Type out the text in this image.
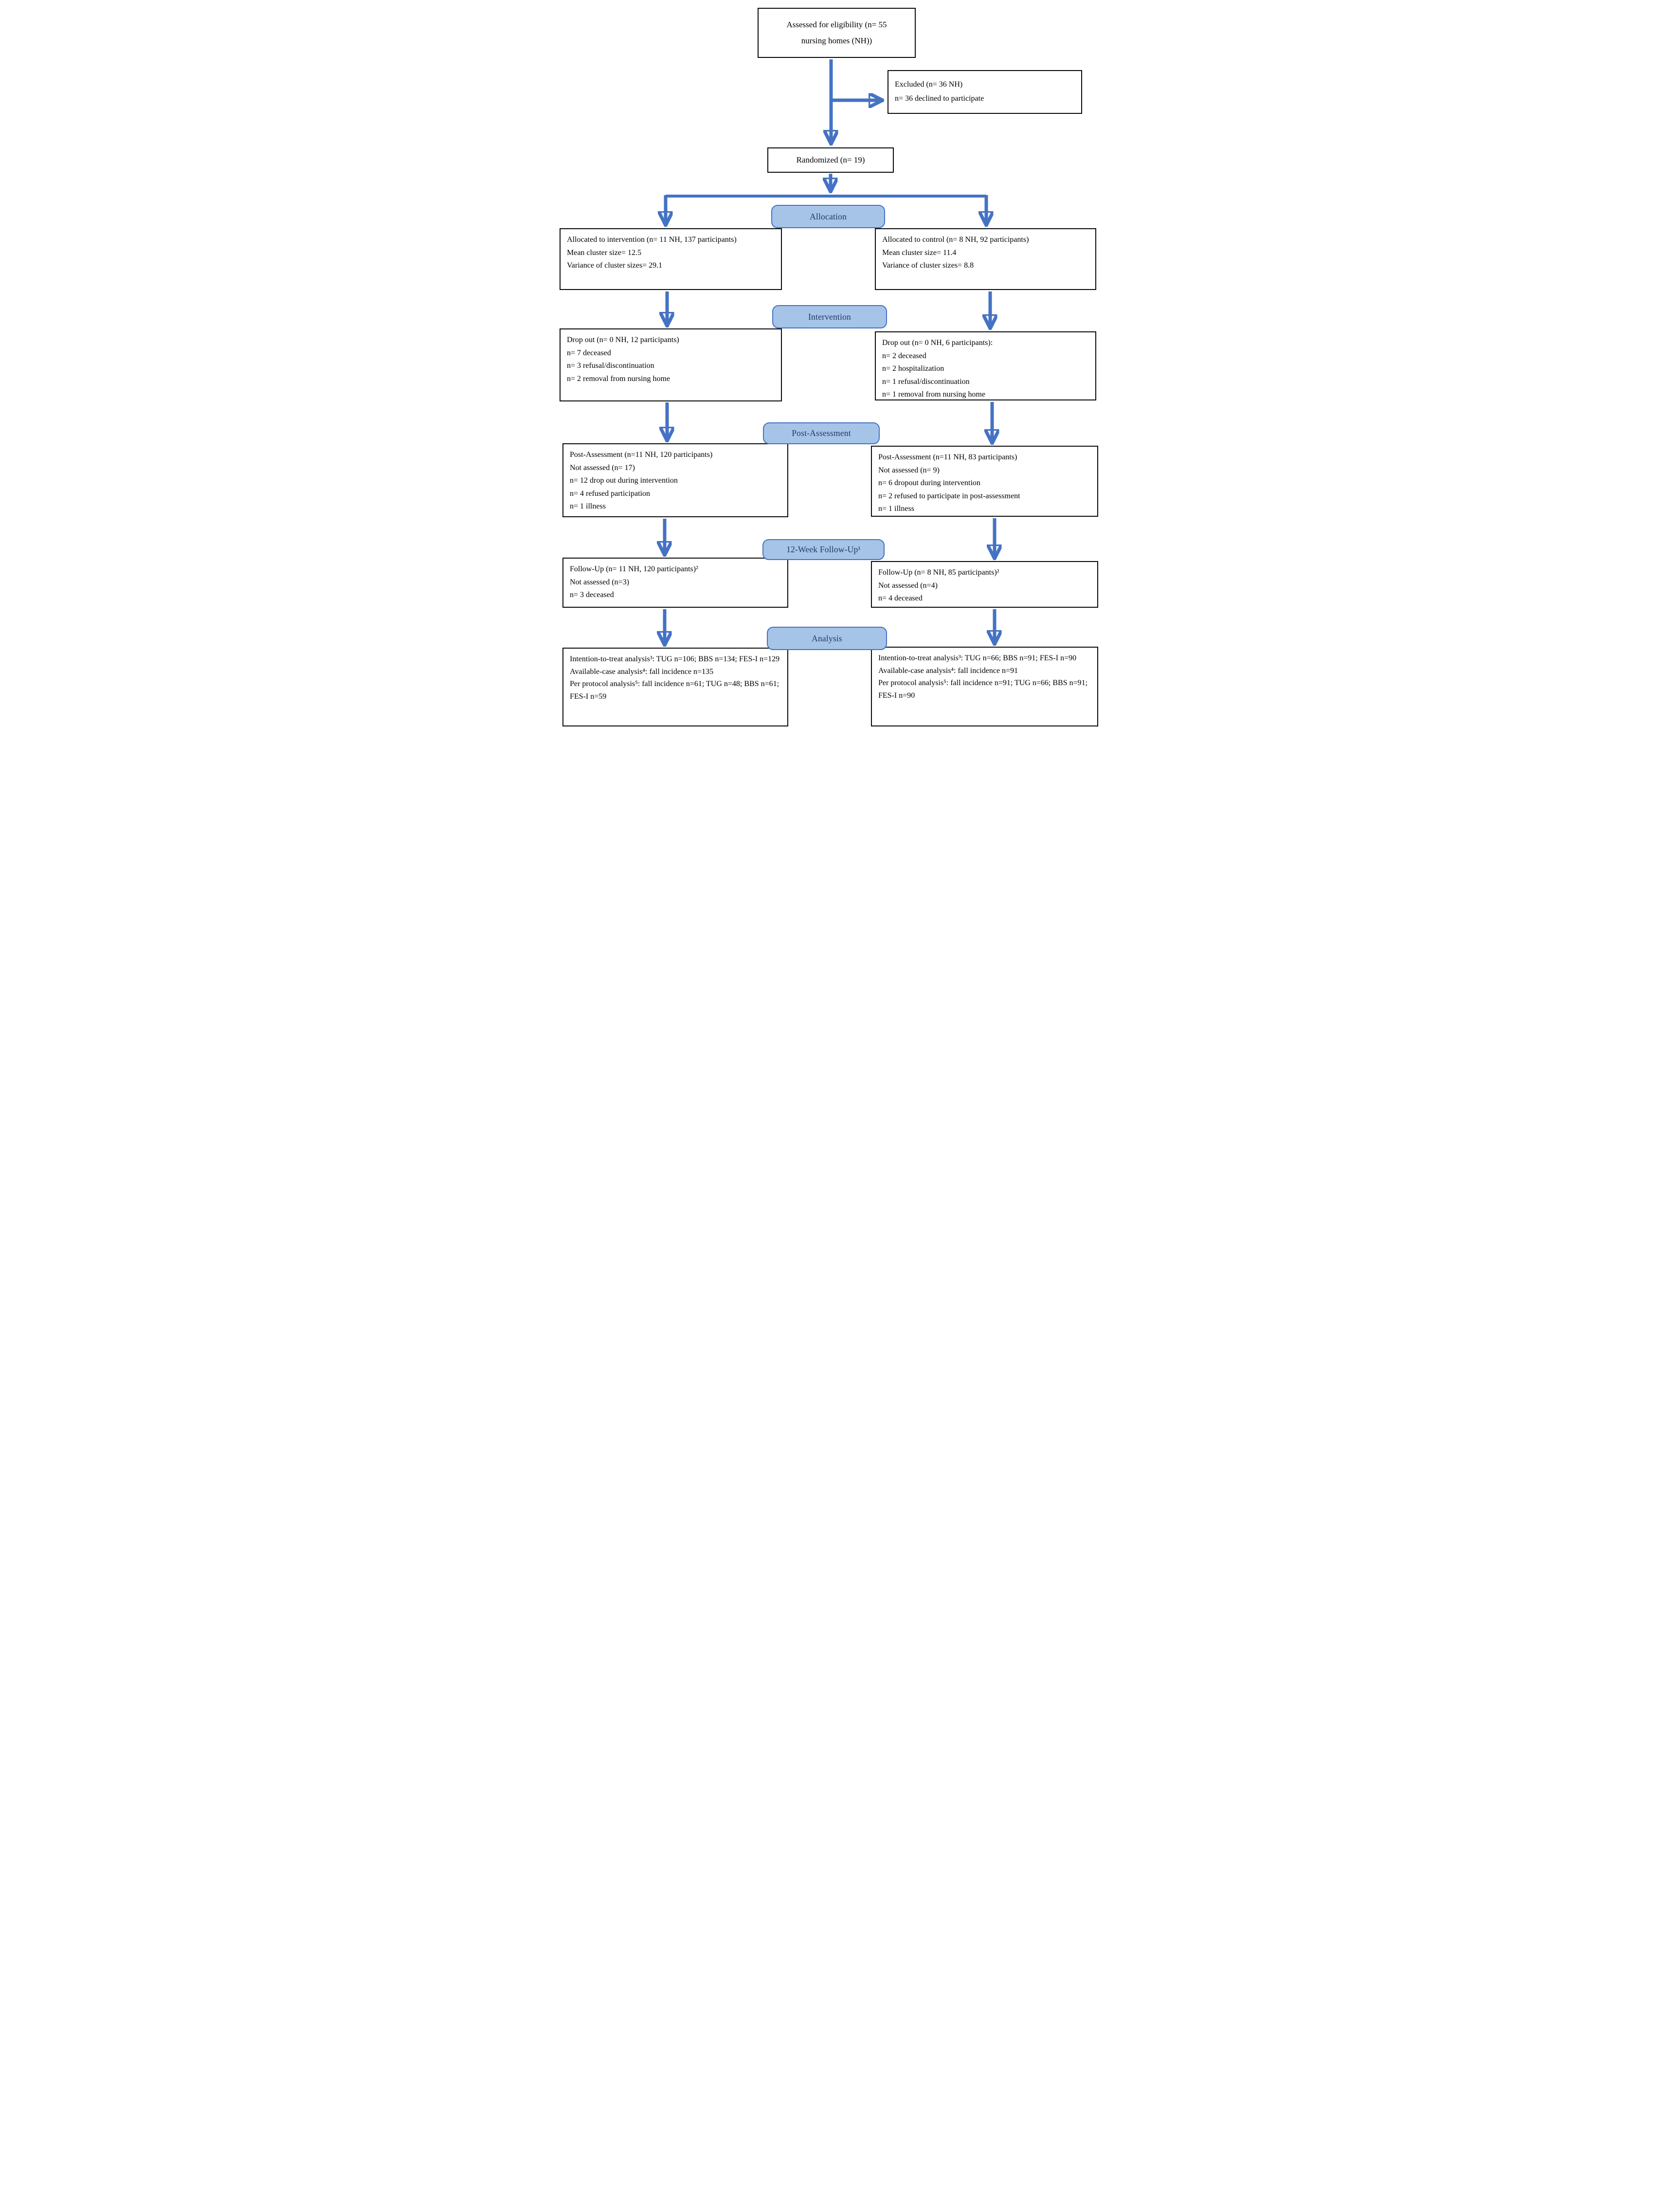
Assessed for eligibility (n= 55
nursing homes (NH))
Excluded (n= 36 NH)
n= 36 declined to participate
Randomized (n= 19)
Allocation
Allocated to intervention (n= 11 NH, 137 participants)
Mean cluster size= 12.5
Variance of cluster sizes= 29.1
Allocated to control (n= 8 NH, 92 participants)
Mean cluster size= 11.4
Variance of cluster sizes= 8.8
Intervention
Drop out (n= 0 NH, 12 participants)
n= 7 deceased
n= 3 refusal/discontinuation
n= 2 removal from nursing home
Drop out (n= 0 NH, 6 participants):
n= 2 deceased
n= 2 hospitalization
n= 1 refusal/discontinuation
n= 1 removal from nursing home
Post-Assessment
Post-Assessment (n=11 NH, 120 participants)
Not assessed (n= 17)
n= 12 drop out during intervention
n= 4 refused participation
n= 1 illness
Post-Assessment (n=11 NH, 83 participants)
Not assessed (n= 9)
n= 6 dropout during intervention
n= 2 refused to participate in post-assessment
n= 1 illness
12-Week Follow-Up¹
Follow-Up (n= 11 NH, 120 participants)²
Not assessed (n=3)
n= 3 deceased
Follow-Up (n= 8 NH, 85 participants)²
Not assessed (n=4)
n= 4 deceased
Analysis
Intention-to-treat analysis³: TUG n=106; BBS n=134; FES-I n=129
Available-case analysis⁴: fall incidence n=135
Per protocol analysis⁵: fall incidence n=61; TUG n=48; BBS n=61; FES-I n=59
Intention-to-treat analysis³: TUG n=66; BBS n=91; FES-I n=90
Available-case analysis⁴: fall incidence n=91
Per protocol analysis⁵: fall incidence n=91; TUG n=66; BBS n=91; FES-I n=90
